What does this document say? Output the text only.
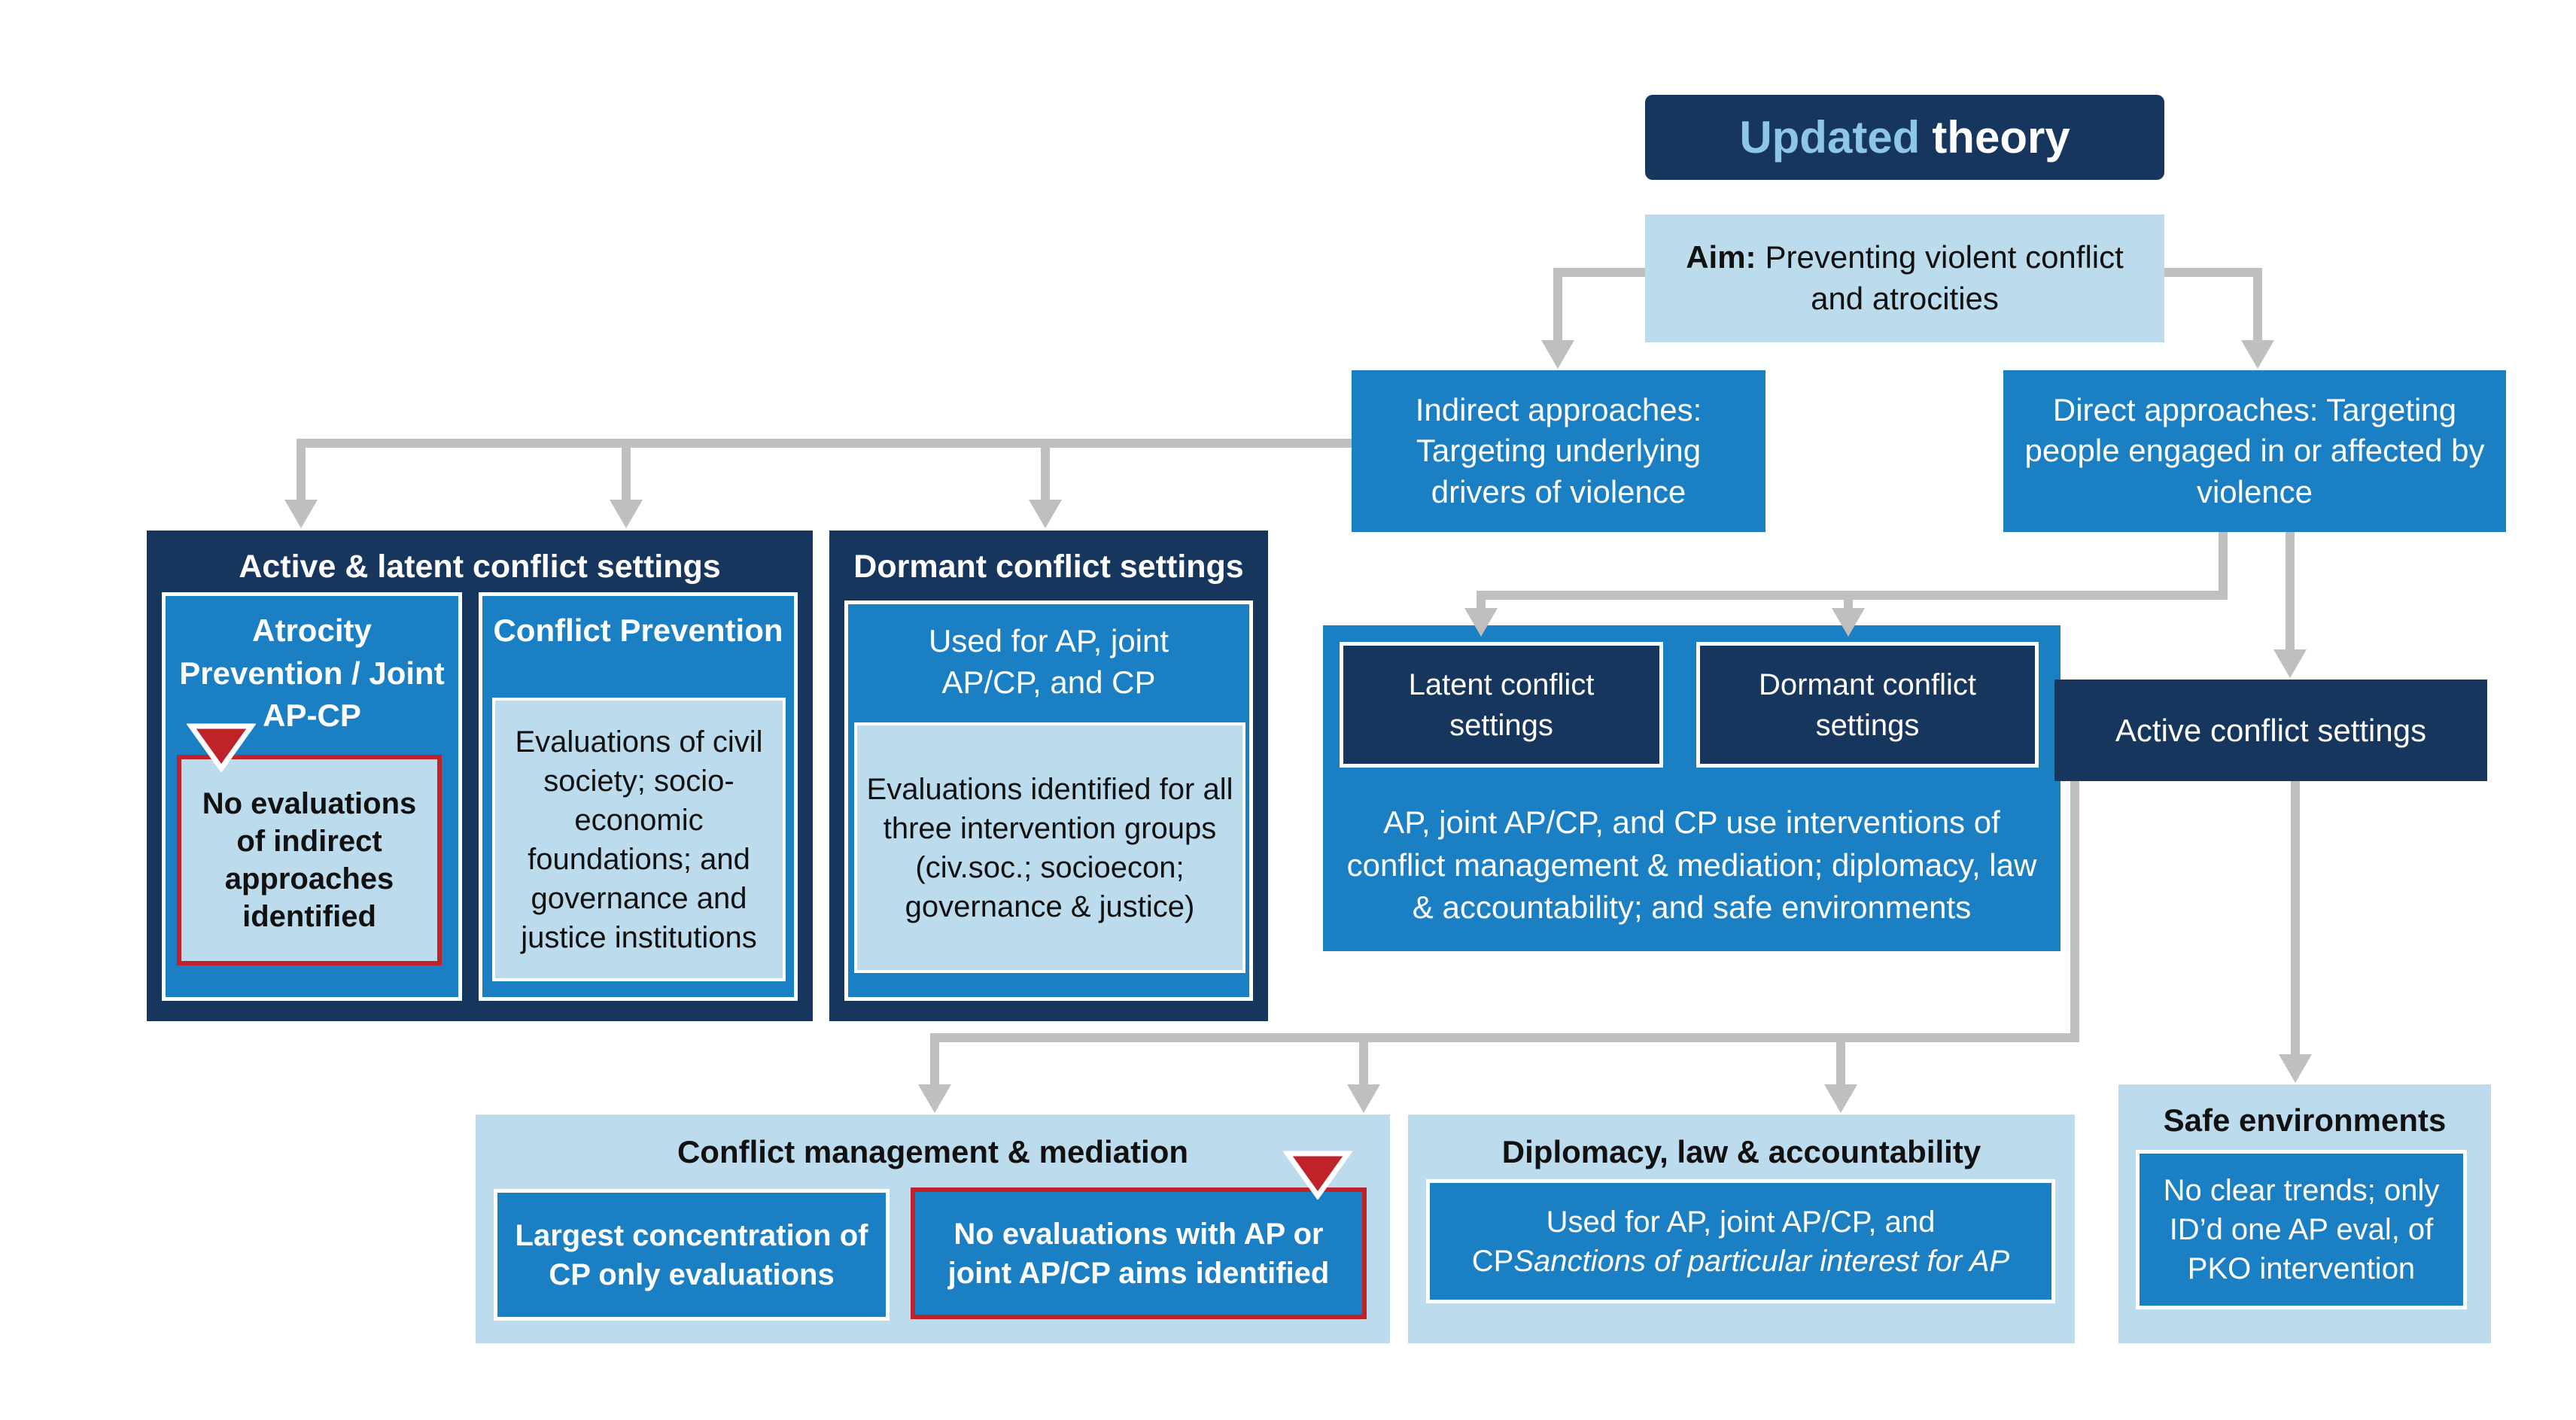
Updated theory
Aim: Preventing violent conflict and atrocities
Indirect approaches: Targeting underlying drivers of violence
Direct approaches: Targeting people engaged in or affected by violence
Active & latent conflict settings
Atrocity Prevention / Joint AP-CP
No evaluations of indirect approaches identified
Conflict Prevention
Evaluations of civil society; socio-economic foundations; and governance and justice institutions
Dormant conflict settings
Used for AP, joint AP/CP, and CP
Evaluations identified for all three intervention groups (civ.soc.; socioecon; governance & justice)
Latent conflict settings
Dormant conflict settings
AP, joint AP/CP, and CP use interventions of conflict management & mediation; diplomacy, law & accountability; and safe environments
Active conflict settings
Conflict management & mediation
Largest concentration of CP only evaluations
No evaluations with AP or joint AP/CP aims identified
Diplomacy, law & accountability
Used for AP, joint AP/CP, and
CPSanctions of particular interest for AP
Safe environments
No clear trends; only ID’d one AP eval, of PKO intervention
